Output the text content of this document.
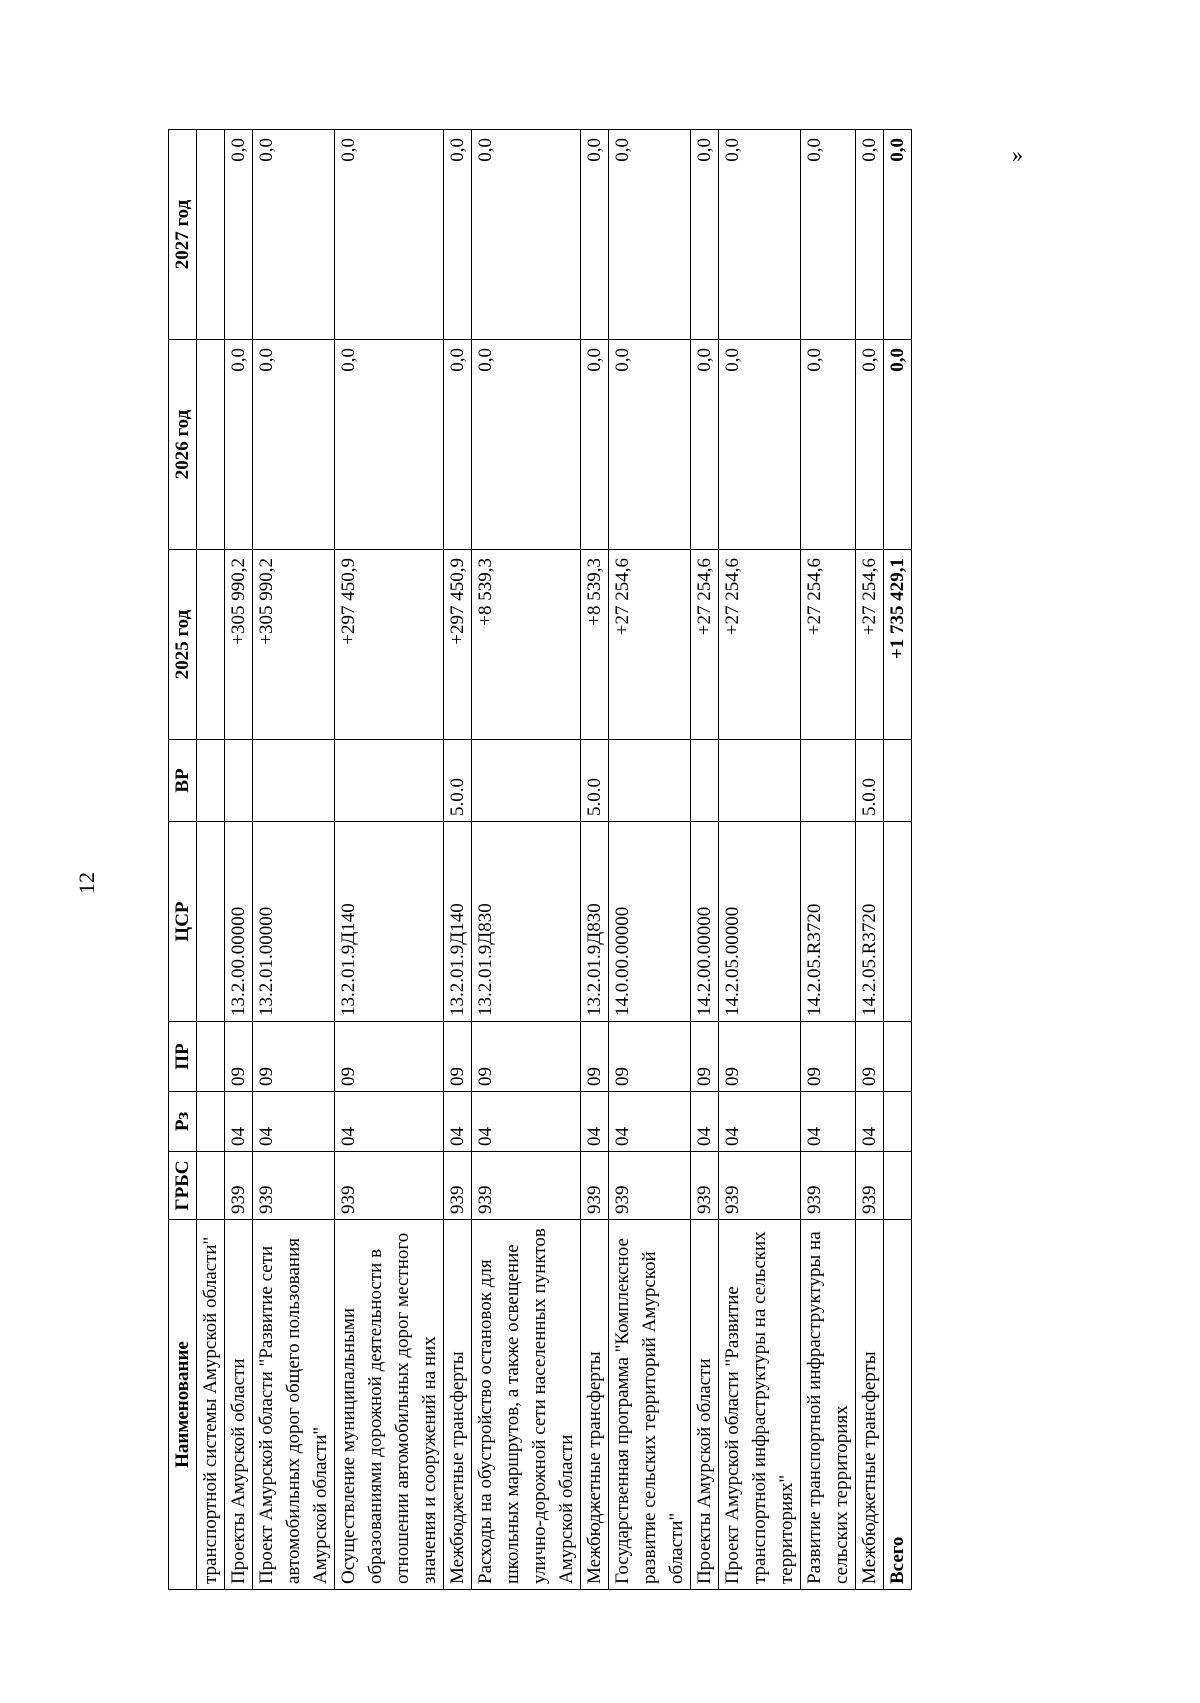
12
»
Наименование	ГРБС	Рз	ПР	ЦСР	ВР	2025 год	2026 год	2027 год
транспортной системы Амурской области"								
Проекты Амурской области	939	04	09	13.2.00.00000		+305 990,2	0,0	0,0
Проект Амурской области "Развитие сети автомобильных дорог общего пользования Амурской области"	939	04	09	13.2.01.00000		+305 990,2	0,0	0,0
Осуществление муниципальными образованиями дорожной деятельности в отношении автомобильных дорог местного значения и сооружений на них	939	04	09	13.2.01.9Д140		+297 450,9	0,0	0,0
Межбюджетные трансферты	939	04	09	13.2.01.9Д140	5.0.0	+297 450,9	0,0	0,0
Расходы на обустройство остановок для школьных маршрутов, а также освещение улично-дорожной сети населенных пунктов Амурской области	939	04	09	13.2.01.9Д830		+8 539,3	0,0	0,0
Межбюджетные трансферты	939	04	09	13.2.01.9Д830	5.0.0	+8 539,3	0,0	0,0
Государственная программа "Комплексное развитие сельских территорий Амурской области"	939	04	09	14.0.00.00000		+27 254,6	0,0	0,0
Проекты Амурской области	939	04	09	14.2.00.00000		+27 254,6	0,0	0,0
Проект Амурской области "Развитие транспортной инфраструктуры на сельских территориях"	939	04	09	14.2.05.00000		+27 254,6	0,0	0,0
Развитие транспортной инфраструктуры на сельских территориях	939	04	09	14.2.05.R3720		+27 254,6	0,0	0,0
Межбюджетные трансферты	939	04	09	14.2.05.R3720	5.0.0	+27 254,6	0,0	0,0
Всего						+1 735 429,1	0,0	0,0
